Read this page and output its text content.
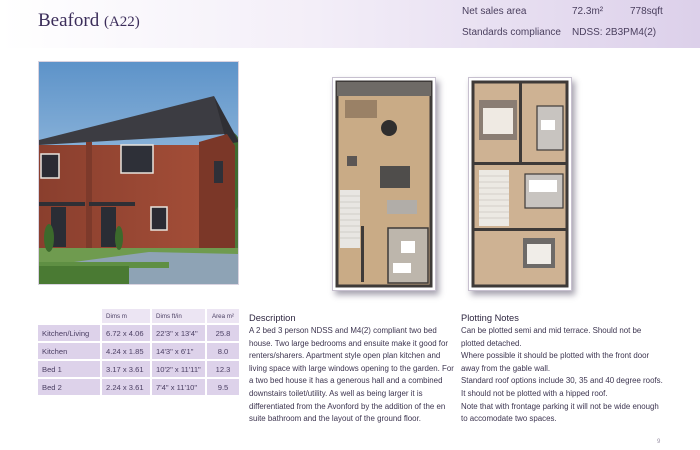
Beaford (A22)
Net sales area	72.3m²	778sqft
Standards compliance NDSS: 2B3P M4(2)
	Dims m	Dims ft/in	Area m²
Kitchen/Living	6.72 x 4.06	22'3" x 13'4"	25.8
Kitchen	4.24 x 1.85	14'3" x 6'1"	8.0
Bed 1	3.17 x 3.61	10'2" x 11'11"	12.3
Bed 2	2.24 x 3.61	7'4" x 11'10"	9.5
Description
A 2 bed 3 person NDSS and M4(2) compliant two bed
house. Two large bedrooms and ensuite make it good for
renters/sharers. Apartment style open plan kitchen and
living space with large windows opening to the garden. For
a two bed house it has a generous hall and a combined
downstairs toilet/utility. As well as being larger it is
differentiated from the Avonford by the addition of the en
suite bathroom and the layout of the ground floor.
Plotting Notes
Can be plotted semi and mid terrace. Should not be
plotted detached.
Where possible it should be plotted with the front door
away from the gable wall.
Standard roof options include 30, 35 and 40 degree roofs.
It should not be plotted with a hipped roof.
Note that with frontage parking it will not be wide enough
to accomodate two spaces.
9
